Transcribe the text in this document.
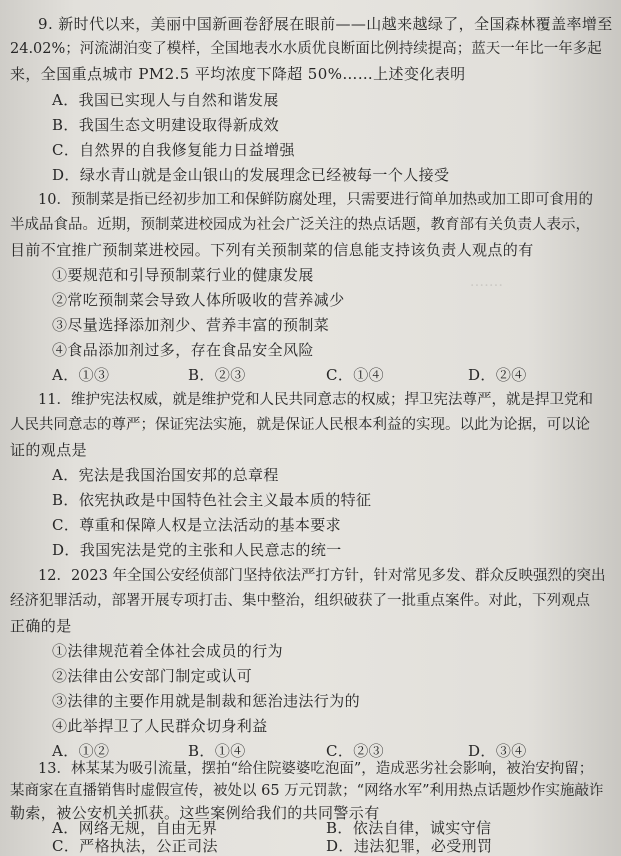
·······
9. 新时代以来，美丽中国新画卷舒展在眼前——山越来越绿了，全国森林覆盖率增至
24.02%；河流湖泊变了模样，全国地表水水质优良断面比例持续提高；蓝天一年比一年多起
来，全国重点城市 PM2.5 平均浓度下降超 50%……上述变化表明
A．我国已实现人与自然和谐发展
B．我国生态文明建设取得新成效
C．自然界的自我修复能力日益增强
D．绿水青山就是金山银山的发展理念已经被每一个人接受
10．预制菜是指已经初步加工和保鲜防腐处理，只需要进行简单加热或加工即可食用的
半成品食品。近期，预制菜进校园成为社会广泛关注的热点话题，教育部有关负责人表示，
目前不宜推广预制菜进校园。下列有关预制菜的信息能支持该负责人观点的有
①要规范和引导预制菜行业的健康发展
②常吃预制菜会导致人体所吸收的营养减少
③尽量选择添加剂少、营养丰富的预制菜
④食品添加剂过多，存在食品安全风险
A．①③	B．②③	C．①④	D．②④
11．维护宪法权威，就是维护党和人民共同意志的权威；捍卫宪法尊严，就是捍卫党和
人民共同意志的尊严；保证宪法实施，就是保证人民根本利益的实现。以此为论据，可以论
证的观点是
A．宪法是我国治国安邦的总章程
B．依宪执政是中国特色社会主义最本质的特征
C．尊重和保障人权是立法活动的基本要求
D．我国宪法是党的主张和人民意志的统一
12．2023 年全国公安经侦部门坚持依法严打方针，针对常见多发、群众反映强烈的突出
经济犯罪活动，部署开展专项打击、集中整治，组织破获了一批重点案件。对此，下列观点
正确的是
①法律规范着全体社会成员的行为
②法律由公安部门制定或认可
③法律的主要作用就是制裁和惩治违法行为的
④此举捍卫了人民群众切身利益
A．①②	B．①④	C．②③	D．③④
13．林某某为吸引流量，摆拍“给住院婆婆吃泡面”，造成恶劣社会影响，被治安拘留；
某商家在直播销售时虚假宣传，被处以 65 万元罚款；“网络水军”利用热点话题炒作实施敲诈
勒索，被公安机关抓获。这些案例给我们的共同警示有
A．网络无规，自由无界	B．依法自律，诚实守信
C．严格执法，公正司法	D．违法犯罪，必受刑罚
